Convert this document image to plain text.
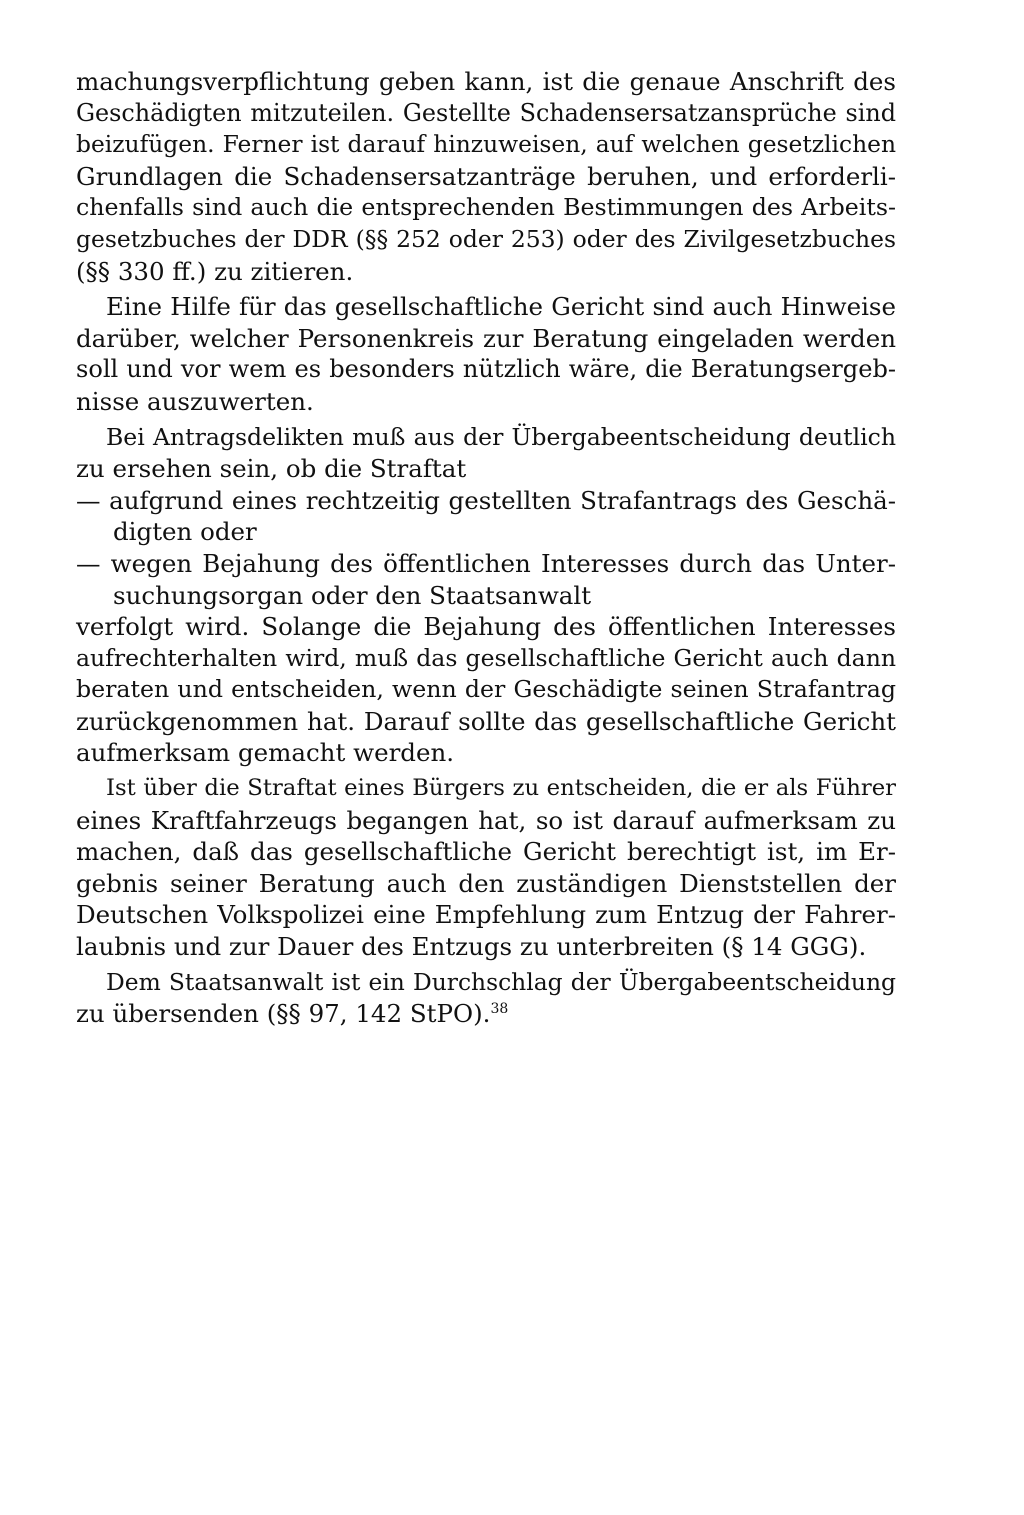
machungsverpflichtung geben kann, ist die genaue Anschrift des
Geschädigten mitzuteilen. Gestellte Schadensersatzansprüche sind
beizufügen. Ferner ist darauf hinzuweisen, auf welchen gesetzlichen
Grundlagen die Schadensersatzanträge beruhen, und erforderli-
chenfalls sind auch die entsprechenden Bestimmungen des Arbeits-
gesetzbuches der DDR (§§ 252 oder 253) oder des Zivilgesetzbuches
(§§ 330 ff.) zu zitieren.
Eine Hilfe für das gesellschaftliche Gericht sind auch Hinweise
darüber, welcher Personenkreis zur Beratung eingeladen werden
soll und vor wem es besonders nützlich wäre, die Beratungsergeb-
nisse auszuwerten.
Bei Antragsdelikten muß aus der Übergabeentscheidung deutlich
zu ersehen sein, ob die Straftat
— aufgrund eines rechtzeitig gestellten Strafantrags des Geschä-
digten oder
— wegen Bejahung des öffentlichen Interesses durch das Unter-
suchungsorgan oder den Staatsanwalt
verfolgt wird. Solange die Bejahung des öffentlichen Interesses
aufrechterhalten wird, muß das gesellschaftliche Gericht auch dann
beraten und entscheiden, wenn der Geschädigte seinen Strafantrag
zurückgenommen hat. Darauf sollte das gesellschaftliche Gericht
aufmerksam gemacht werden.
Ist über die Straftat eines Bürgers zu entscheiden, die er als Führer
eines Kraftfahrzeugs begangen hat, so ist darauf aufmerksam zu
machen, daß das gesellschaftliche Gericht berechtigt ist, im Er-
gebnis seiner Beratung auch den zuständigen Dienststellen der
Deutschen Volkspolizei eine Empfehlung zum Entzug der Fahrer-
laubnis und zur Dauer des Entzugs zu unterbreiten (§ 14 GGG).
Dem Staatsanwalt ist ein Durchschlag der Übergabeentscheidung
zu übersenden (§§ 97, 142 StPO).$^{38}$
